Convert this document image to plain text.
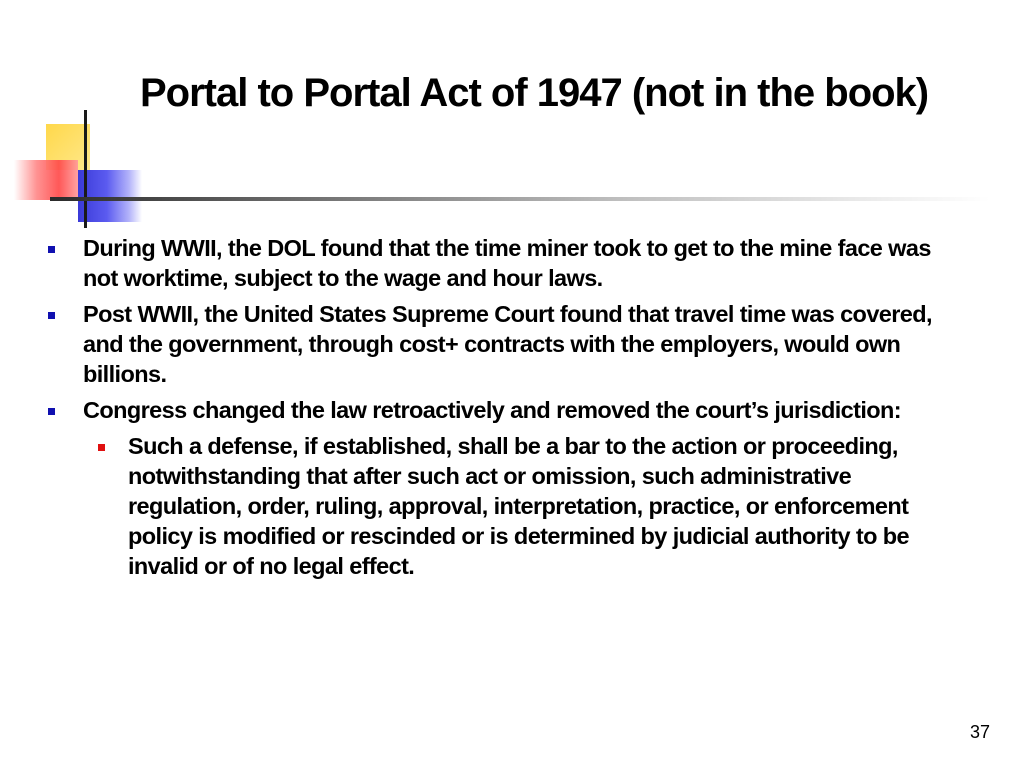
Portal to Portal Act of 1947 (not in the book)
During WWII, the DOL found that the time miner took to get to the mine face was not worktime, subject to the wage and hour laws.
Post WWII, the United States Supreme Court found that travel time was covered, and the government, through cost+ contracts with the employers, would own billions.
Congress changed the law retroactively and removed the court’s jurisdiction:
Such a defense, if established, shall be a bar to the action or proceeding, notwithstanding that after such act or omission, such administrative regulation, order, ruling, approval, interpretation, practice, or enforcement policy is modified or rescinded or is determined by judicial authority to be invalid or of no legal effect.
37
